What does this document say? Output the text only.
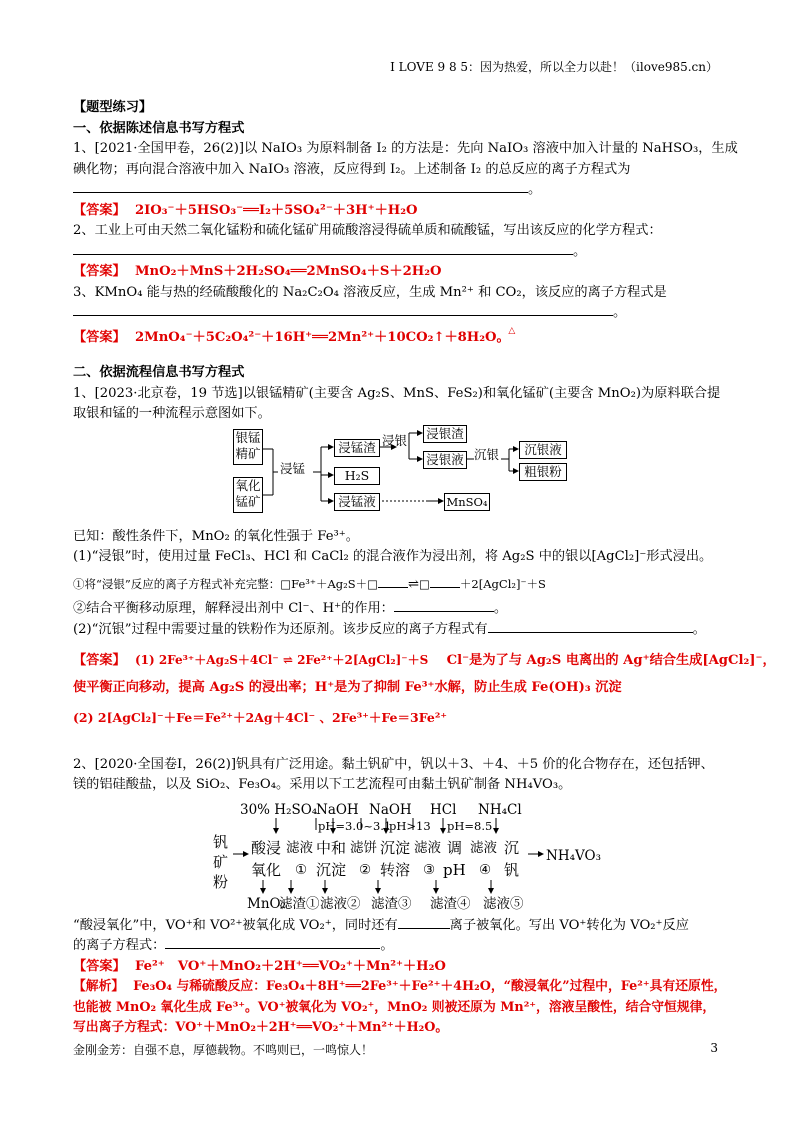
I LOVE 9 8 5：因为热爱，所以全力以赴！（ilove985.cn）
【题型练习】
一、依据陈述信息书写方程式
1、[2021·全国甲卷，26(2)]以 NaIO₃ 为原料制备 I₂ 的方法是：先向 NaIO₃ 溶液中加入计量的 NaHSO₃，生成
碘化物；再向混合溶液中加入 NaIO₃ 溶液，反应得到 I₂。上述制备 I₂ 的总反应的离子方程式为
。
【答案】 2IO₃⁻＋5HSO₃⁻══I₂＋5SO₄²⁻＋3H⁺＋H₂O
2、工业上可由天然二氧化锰粉和硫化锰矿用硫酸溶浸得硫单质和硫酸锰，写出该反应的化学方程式：
。
【答案】 MnO₂＋MnS＋2H₂SO₄══2MnSO₄＋S＋2H₂O
3、KMnO₄ 能与热的经硫酸酸化的 Na₂C₂O₄ 溶液反应，生成 Mn²⁺ 和 CO₂，该反应的离子方程式是
。
【答案】 2MnO₄⁻＋5C₂O₄²⁻＋16H⁺══2Mn²⁺＋10CO₂↑＋8H₂O。 △
二、依据流程信息书写方程式
1、[2023·北京卷，19 节选]以银锰精矿(主要含 Ag₂S、MnS、FeS₂)和氧化锰矿(主要含 MnO₂)为原料联合提
取银和锰的一种流程示意图如下。
银锰精矿
氧化锰矿
浸锰
浸锰渣
H₂S
浸锰液
浸银 浸银渣
浸银液 沉银	沉银液
粗银粉
MnSO₄
已知：酸性条件下，MnO₂ 的氧化性强于 Fe³⁺。
(1)“浸银”时，使用过量 FeCl₃、HCl 和 CaCl₂ 的混合液作为浸出剂，将 Ag₂S 中的银以[AgCl₂]⁻形式浸出。
①将“浸银”反应的离子方程式补充完整：□Fe³⁺＋Ag₂S＋□ ⇌□	＋2[AgCl₂]⁻＋S
②结合平衡移动原理，解释浸出剂中 Cl⁻、H⁺的作用：	。
(2)“沉银”过程中需要过量的铁粉作为还原剂。该步反应的离子方程式有	。
【答案】 (1) 2Fe³⁺＋Ag₂S＋4Cl⁻ ⇌ 2Fe²⁺＋2[AgCl₂]⁻＋S Cl⁻是为了与 Ag₂S 电离出的 Ag⁺结合生成[AgCl₂]⁻，
使平衡正向移动，提高 Ag₂S 的浸出率；H⁺是为了抑制 Fe³⁺水解，防止生成 Fe(OH)₃ 沉淀
(2) 2[AgCl₂]⁻＋Fe＝Fe²⁺＋2Ag＋4Cl⁻ 、2Fe³⁺＋Fe＝3Fe²⁺
2、[2020·全国卷Ⅰ，26(2)]钒具有广泛用途。黏土钒矿中，钒以＋3、＋4、＋5 价的化合物存在，还包括钾、
镁的铝硅酸盐，以及 SiO₂、Fe₃O₄。采用以下工艺流程可由黏土钒矿制备 NH₄VO₃。
30% H₂SO₄
NaOH NaOH HCl NH₄Cl
pH=3.0~3.1
pH>13 pH=8.5
钒
矿
粉
酸浸
氧化
滤液
①
中和
沉淀
滤饼
②
沉淀
转溶
滤液
③
调
pH
滤液
④
沉
钒
NH₄VO₃
MnO₂
滤渣① 滤液② 滤渣③ 滤渣④ 滤液⑤
“酸浸氧化”中，VO⁺和 VO²⁺被氧化成 VO₂⁺，同时还有	离子被氧化。写出 VO⁺转化为 VO₂⁺反应
的离子方程式：	。
【答案】 Fe²⁺　VO⁺＋MnO₂＋2H⁺══VO₂⁺＋Mn²⁺＋H₂O
【解析】 Fe₃O₄ 与稀硫酸反应：Fe₃O₄＋8H⁺══2Fe³⁺＋Fe²⁺＋4H₂O，“酸浸氧化”过程中，Fe²⁺具有还原性，
也能被 MnO₂ 氧化生成 Fe³⁺。VO⁺被氧化为 VO₂⁺，MnO₂ 则被还原为 Mn²⁺，溶液呈酸性，结合守恒规律，
写出离子方程式：VO⁺＋MnO₂＋2H⁺══VO₂⁺＋Mn²⁺＋H₂O。
金刚金芳：自强不息，厚德载物。不鸣则已，一鸣惊人！	3
